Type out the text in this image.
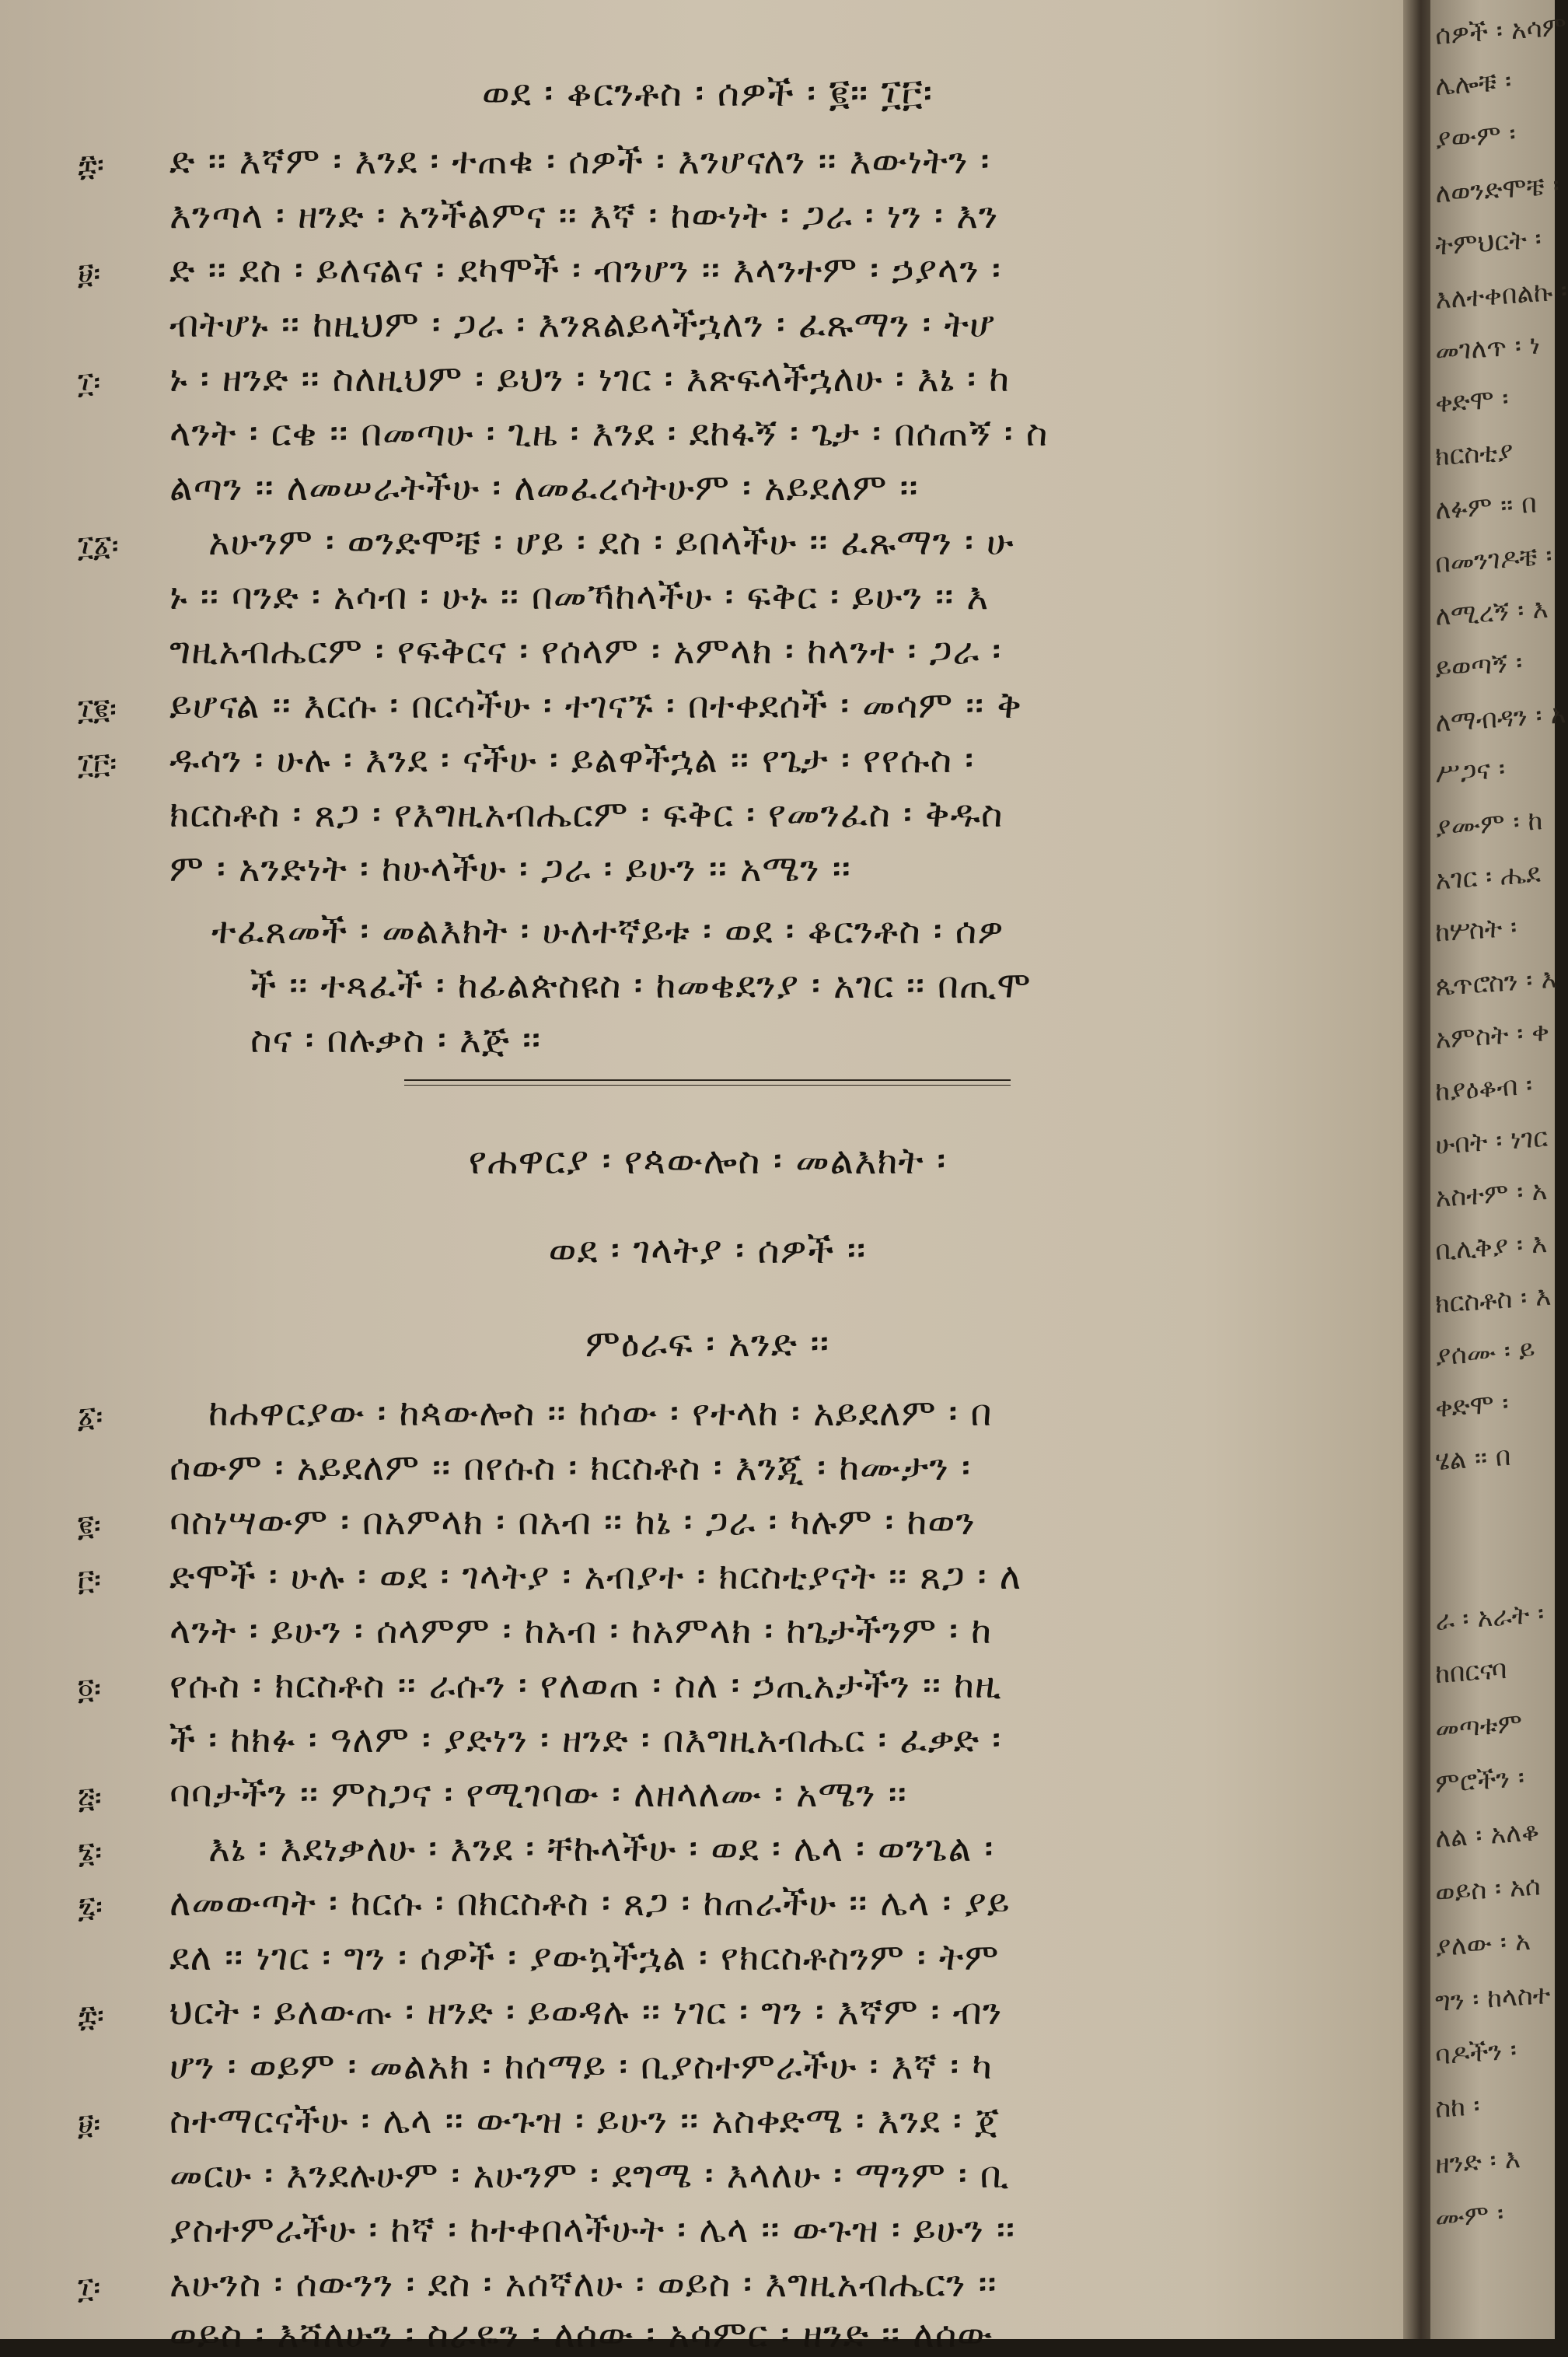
ወደ ፡ ቆርንቶስ ፡ ሰዎች ፡ ፪። ፲፫፡
ድ ፡፡ እኛም ፡ እንደ ፡ ተጠቁ ፡ ሰዎች ፡ እንሆናለን ፡፡ እውነትን ፡
እንጣላ ፡ ዘንድ ፡ አንችልምና ፡፡ እኛ ፡ ከውነት ፡ ጋራ ፡ ነን ፡ እን
ድ ፡፡ ደስ ፡ ይለናልና ፡ ደካሞች ፡ ብንሆን ፡፡ እላንተም ፡ ኃያላን ፡
ብትሆኑ ፡፡ ከዚህም ፡ ጋራ ፡ እንጸልይላችኋለን ፡ ፈጹማን ፡ ትሆ
ኑ ፡ ዘንድ ፡፡ ስለዚህም ፡ ይህን ፡ ነገር ፡ እጽፍላችኋለሁ ፡ እኔ ፡ ከ
ላንት ፡ ርቄ ፡፡ በመጣሁ ፡ ጊዜ ፡ እንደ ፡ ደከፋኝ ፡ ጌታ ፡ በሰጠኝ ፡ ስ
ልጣን ፡፡ ለመሠራትችሁ ፡ ለመፈረሳትሁም ፡ አይደለም ፡፡
አሁንም ፡ ወንድሞቼ ፡ ሆይ ፡ ደስ ፡ ይበላችሁ ፡፡ ፈጹማን ፡ ሁ
ኑ ፡፡ ባንድ ፡ አሳብ ፡ ሁኑ ፡፡ በመኻከላችሁ ፡ ፍቅር ፡ ይሁን ፡፡ እ
ግዚአብሔርም ፡ የፍቅርና ፡ የሰላም ፡ አምላክ ፡ ከላንተ ፡ ጋራ ፡
ይሆናል ፡፡ እርሱ ፡ በርሳችሁ ፡ ተገናኙ ፡ በተቀደሰች ፡ መሳም ፡፡ ቅ
ዱሳን ፡ ሁሉ ፡ እንደ ፡ ናችሁ ፡ ይልዋችኋል ፡፡ የጌታ ፡ የየሱስ ፡
ክርስቶስ ፡ ጸጋ ፡ የእግዚአብሔርም ፡ ፍቅር ፡ የመንፈስ ፡ ቅዱስ
ም ፡ አንድነት ፡ ከሁላችሁ ፡ ጋራ ፡ ይሁን ፡፡ አሜን ፡፡
፰፡
፱፡
፲፡
፲፩፡
፲፪፡
፲፫፡
ተፈጸመች ፡ መልእክት ፡ ሁለተኛይቱ ፡ ወደ ፡ ቆርንቶስ ፡ ሰዎ
ች ፡፡ ተጻፈች ፡ ከፊልጵስዩስ ፡ ከመቄደንያ ፡ አገር ፡፡ በጢሞ
ስና ፡ በሉቃስ ፡ እጅ ፡፡
የሐዋርያ ፡ የጳውሎስ ፡ መልእክት ፡
ወደ ፡ ገላትያ ፡ ሰዎች ፡፡
ምዕራፍ ፡ አንድ ፡፡
ከሐዋርያው ፡ ከጳውሎስ ፡፡ ከሰው ፡ የተላከ ፡ አይደለም ፡ በ
ሰውም ፡ አይደለም ፡፡ በየሱስ ፡ ክርስቶስ ፡ እንጂ ፡ ከሙታን ፡
ባስነሣውም ፡ በአምላክ ፡ በአብ ፡፡ ከኔ ፡ ጋራ ፡ ካሉም ፡ ከወን
ድሞች ፡ ሁሉ ፡ ወደ ፡ ገላትያ ፡ አብያተ ፡ ክርስቲያናት ፡፡ ጸጋ ፡ ለ
ላንት ፡ ይሁን ፡ ሰላምም ፡ ከአብ ፡ ከአምላክ ፡ ከጌታችንም ፡ ከ
የሱስ ፡ ክርስቶስ ፡፡ ራሱን ፡ የለወጠ ፡ ስለ ፡ ኃጢአታችን ፡፡ ከዚ
ች ፡ ከክፉ ፡ ዓለም ፡ ያድነን ፡ ዘንድ ፡ በእግዚአብሔር ፡ ፈቃድ ፡
ባባታችን ፡፡ ምስጋና ፡ የሚገባው ፡ ለዘላለሙ ፡ አሜን ፡፡
እኔ ፡ እደነቃለሁ ፡ እንደ ፡ ቸኩላችሁ ፡ ወደ ፡ ሌላ ፡ ወንጌል ፡
ለመውጣት ፡ ከርሱ ፡ በክርስቶስ ፡ ጸጋ ፡ ከጠራችሁ ፡፡ ሌላ ፡ ያይ
ደለ ፡፡ ነገር ፡ ግን ፡ ሰዎች ፡ ያውኳችኋል ፡ የክርስቶስንም ፡ ትም
ህርት ፡ ይለውጡ ፡ ዘንድ ፡ ይወዳሉ ፡፡ ነገር ፡ ግን ፡ እኛም ፡ ብን
ሆን ፡ ወይም ፡ መልአክ ፡ ከሰማይ ፡ ቢያስተምራችሁ ፡ እኛ ፡ ካ
ስተማርናችሁ ፡ ሌላ ፡፡ ውጉዝ ፡ ይሁን ፡፡ አስቀድሜ ፡ እንደ ፡ ጀ
መርሁ ፡ እንደሉሁም ፡ አሁንም ፡ ደግሜ ፡ እላለሁ ፡ ማንም ፡ ቢ
ያስተምራችሁ ፡ ከኛ ፡ ከተቀበላችሁት ፡ ሌላ ፡፡ ውጉዝ ፡ ይሁን ፡፡
አሁንስ ፡ ሰውንን ፡ ደስ ፡ አሰኛለሁ ፡ ወይስ ፡ እግዚአብሔርን ፡፡
ወይስ ፡ እሻለሁን ፡ ስራዬን ፡ ለሰው ፡ አሳምር ፡ ዘንድ ፡፡ ለሰው
፩፡
፪፡
፫፡
፬፡
፭፡
፮፡
፯፡
፰፡
፱፡
፲፡
ሰዎች ፡ አሳም
ሌሎቹ ፡
ያውም ፡
ለወንድሞቼ ፡
ትምህርት ፡
እለተቀበልኩ ፡
መገለጥ ፡ ነ
ቀድሞ ፡
ክርስቲያ
ለፉም ፡፡ በ
በመንገዶቼ ፡
ለሚረኝ ፡ እ
ይወጣኝ ፡
ለማብዳን ፡ አ
ሥጋና ፡
ያሙም ፡ ከ
አገር ፡ ሔደ
ከሦስት ፡
ጴጥሮስን ፡ እ
አምስት ፡ ቀ
ከያዕቆብ ፡
ሁበት ፡ ነገር
አስተም ፡ አ
ቢሊቅያ ፡ እ
ክርስቶስ ፡ እ
ያሰሙ ፡ ይ
ቀድሞ ፡
ሄል ፡፡ በ
ራ ፡ አራት ፡
ከበርናባ
መጣቱም
ምሮችን ፡
ለል ፡ አለቆ
ወይስ ፡ አሰ
ያለው ፡ አ
ግን ፡ ከላስተ
ባዶችን ፡
ስከ ፡
ዘንድ ፡ እ
ሙም ፡
